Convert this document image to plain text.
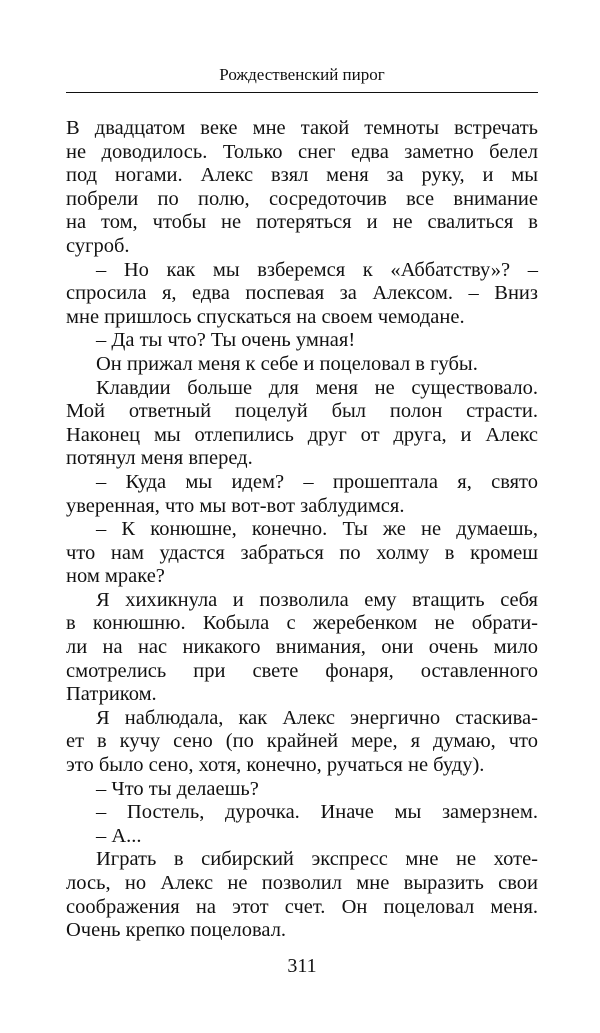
Рождественский пирог
В двадцатом веке мне такой темноты встречать
не доводилось. Только снег едва заметно белел
под ногами. Алекс взял меня за руку, и мы
побрели по полю, сосредоточив все внимание
на том, чтобы не потеряться и не свалиться в
сугроб.
– Но как мы взберемся к «Аббатству»? –
спросила я, едва поспевая за Алексом. – Вниз
мне пришлось спускаться на своем чемодане.
– Да ты что? Ты очень умная!
Он прижал меня к себе и поцеловал в губы.
Клавдии больше для меня не существовало.
Мой ответный поцелуй был полон страсти.
Наконец мы отлепились друг от друга, и Алекс
потянул меня вперед.
– Куда мы идем? – прошептала я, свято
уверенная, что мы вот-вот заблудимся.
– К конюшне, конечно. Ты же не думаешь,
что нам удастся забраться по холму в кромеш
ном мраке?
Я хихикнула и позволила ему втащить себя
в конюшню. Кобыла с жеребенком не обрати-
ли на нас никакого внимания, они очень мило
смотрелись при свете фонаря, оставленного
Патриком.
Я наблюдала, как Алекс энергично стаскива-
ет в кучу сено (по крайней мере, я думаю, что
это было сено, хотя, конечно, ручаться не буду).
– Что ты делаешь?
– Постель, дурочка. Иначе мы замерзнем.
– А...
Играть в сибирский экспресс мне не хоте-
лось, но Алекс не позволил мне выразить свои
соображения на этот счет. Он поцеловал меня.
Очень крепко поцеловал.
311
